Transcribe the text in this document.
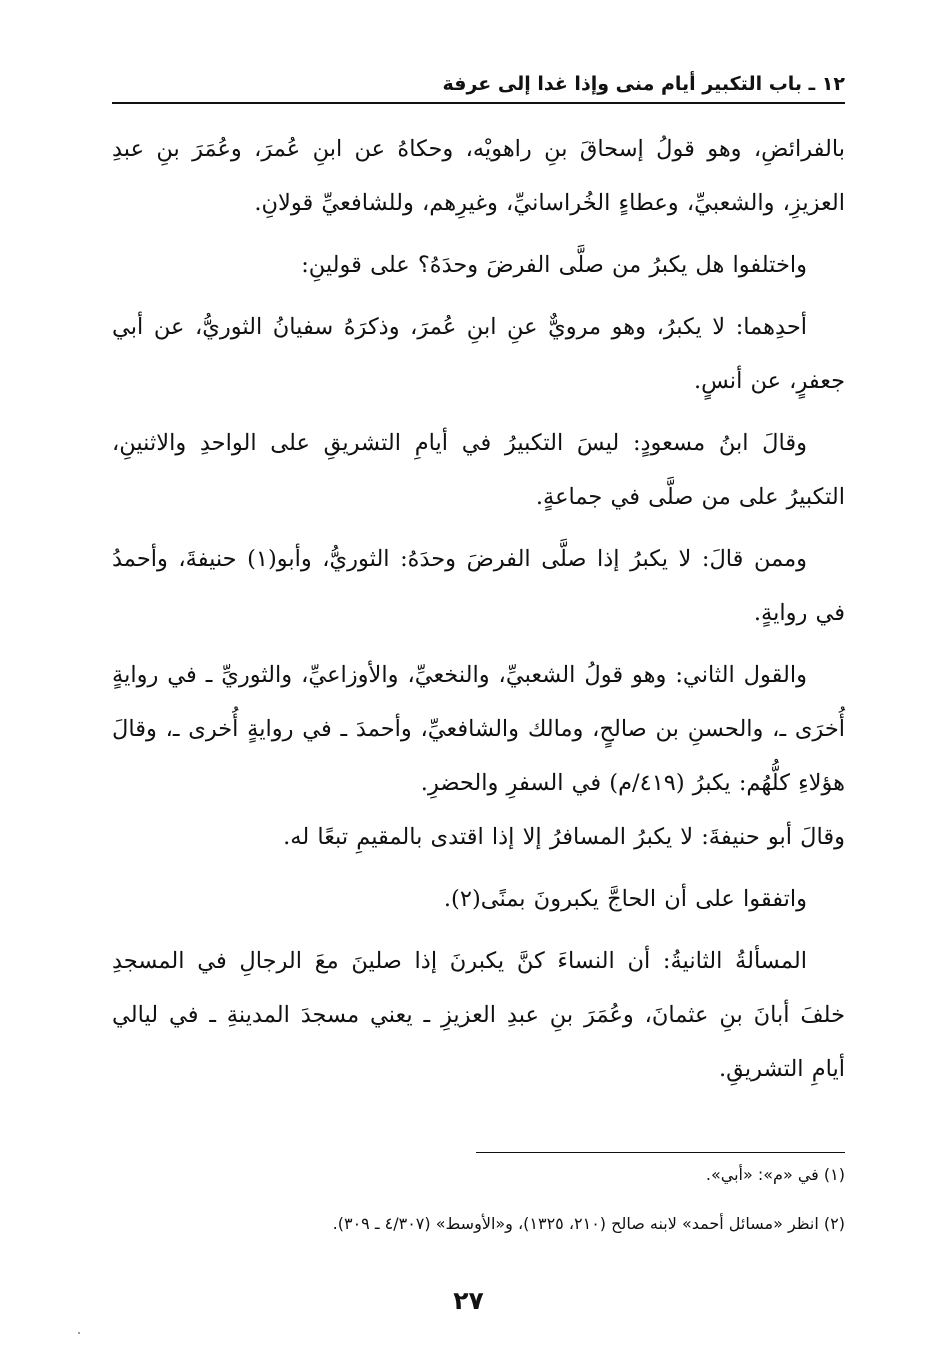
١٢ ـ باب التكبير أيام منى وإذا غدا إلى عرفة

بالفرائضِ، وهو قولُ إسحاقَ بنِ راهويْه، وحكاهُ عن ابنِ عُمرَ، وعُمَرَ بنِ عبدِ العزيزِ، والشعبيِّ، وعطاءٍ الخُراسانيِّ، وغيرِهم، وللشافعيِّ قولانِ.

واختلفوا هل يكبرُ من صلَّى الفرضَ وحدَهُ؟ على قولينِ:

أحدِهما: لا يكبرُ، وهو مرويٌّ عنِ ابنِ عُمرَ، وذكرَهُ سفيانُ الثوريُّ، عن أبي جعفرٍ، عن أنسٍ.

وقالَ ابنُ مسعودٍ: ليسَ التكبيرُ في أيامِ التشريقِ على الواحدِ والاثنينِ، التكبيرُ على من صلَّى في جماعةٍ.

وممن قالَ: لا يكبرُ إذا صلَّى الفرضَ وحدَهُ: الثوريُّ، وأبو(١) حنيفةَ، وأحمدُ في روايةٍ.

والقول الثاني: وهو قولُ الشعبيِّ، والنخعيِّ، والأوزاعيِّ، والثوريِّ ـ في روايةٍ أُخرَى ـ، والحسنِ بن صالحٍ، ومالك والشافعيِّ، وأحمدَ ـ في روايةٍ أُخرى ـ، وقالَ هؤلاءِ كلُّهُم: يكبرُ (٤١٩/م) في السفرِ والحضرِ.

وقالَ أبو حنيفةَ: لا يكبرُ المسافرُ إلا إذا اقتدى بالمقيمِ تبعًا له.

واتفقوا على أن الحاجَّ يكبرونَ بمنًى(٢).

المسألةُ الثانيةُ: أن النساءَ كنَّ يكبرنَ إذا صلينَ معَ الرجالِ في المسجدِ خلفَ أبانَ بنِ عثمانَ، وعُمَرَ بنِ عبدِ العزيزِ ـ يعني مسجدَ المدينةِ ـ في ليالي أيامِ التشريقِ.

(١) في «م»: «أبي».

(٢) انظر «مسائل أحمد» لابنه صالح (٢١٠، ١٣٢٥)، و«الأوسط» (٤/٣٠٧ ـ ٣٠٩).

٢٧
